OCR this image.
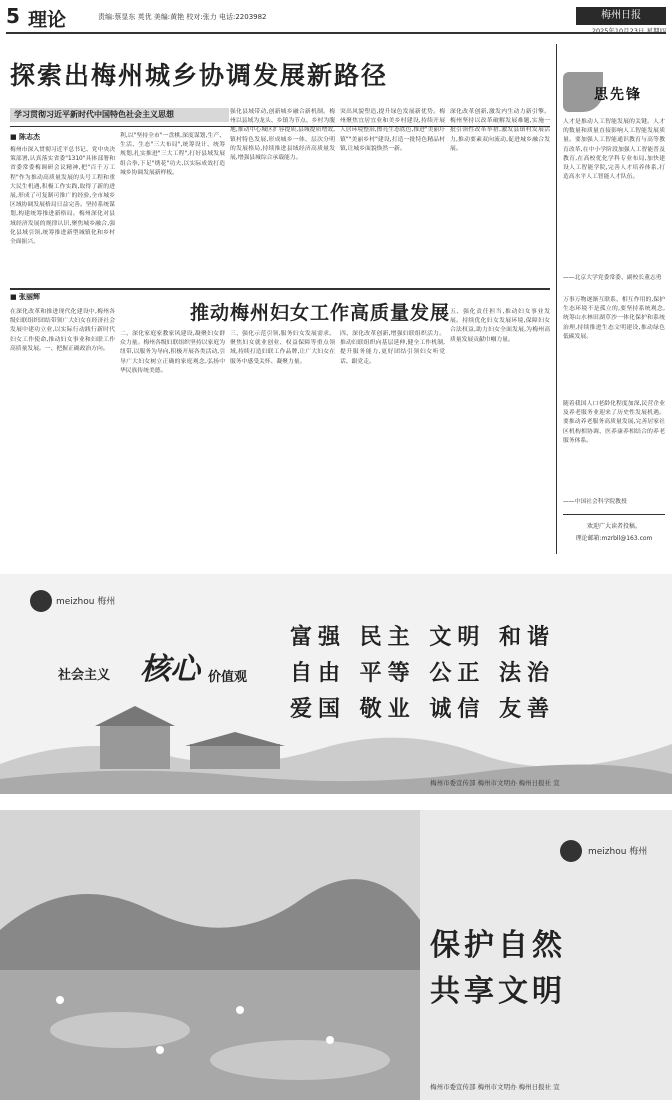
5 理论	责编:蔡显东 英优 美编:黄艳 校对:张力 电话:2203982	梅州日报
2025年10月23日 星期四
探索出梅州城乡协调发展新路径
学习贯彻习近平新时代中国特色社会主义思想
■ 陈志杰
梅州市深入贯彻习近平总书记、党中央决策部署,认真落实省委"1310"具体部署和省委常委梅调研会议精神,把"百千万工程"作为推动高质量发展的头号工程和重大民生机遇,积极工作实践,取得了新的进展,形成了可复制可推广的经验,全市城乡区域协调发展格局日益完善。坚持系统谋划,构建统筹推进新格局。梅州深化对县域经济发展的规律认识,聚焦城乡融合,强化县域引领,统筹推进新型城镇化和乡村全面振兴。
利,以"坚持全市"一盘棋,深度谋划,生产、生活、生态"三大布局",统筹设计、统筹规划,扎实推进"三大工程",打好县域发展组合拳,下足"绣花"功夫,以实际成效打造城乡协调发展新样板。
强化县域带动,创新城乡融合新机制。梅州以县域为龙头、乡镇为节点、乡村为腹地,推动中心城区扩容提质,县城提质增效,镇村特色发展,形成城乡一体、层次分明的发展格局,持续推进县域经济高质量发展,增强县城综合承载能力。
突出风貌塑造,提升绿色发展新优势。梅州聚焦宜居宜业和美乡村建设,持续开展人居环境整治,擦亮生态底色,推进"美丽圩镇""美丽乡村"建设,打造一批特色精品村镇,让城乡面貌焕然一新。
深化改革创新,激发内生动力新引擎。梅州坚持以改革破解发展难题,实施一批引领性改革举措,激发县镇村发展活力,推动要素双向流动,促进城乡融合发展。
思先锋
人才是推动人工智能发展的关键。人才的数量和质量直接影响人工智能发展质量。要加强人工智能通识教育与高等教育改革,在中小学阶段加强人工智能普及教育,在高校优化学科专业布局,加快建设人工智能学院,完善人才培养体系,打造高水平人工智能人才队伍。
——北京大学党委常委、副校长董志勇
万事万物逐渐互联系、相互作用的,保护生态环境不是孤立的,要坚持系统观念,统筹山水林田湖草沙一体化保护和系统治理,持续推进生态文明建设,推动绿色低碳发展。
随着我国人口老龄化程度加深,民营企业及养老服务业迎来了历史性发展机遇。要推动养老服务高质量发展,完善居家社区机构相协调、医养康养相结合的养老服务体系。
——中国社会科学院教授
欢迎广大读者投稿。
理论邮箱:mzrbll@163.com
■ 张丽辉
推动梅州妇女工作高质量发展
在深化改革和推进现代化建设中,梅州各级妇联组织团结带领广大妇女在经济社会发展中建功立业,以实际行动践行新时代妇女工作使命,推动妇女事业和妇联工作高质量发展。一、把握正确政治方向。
二、深化家庭家教家风建设,凝聚妇女群众力量。梅州各级妇联组织坚持以家庭为纽带,以服务为导向,积极开展各类活动,引导广大妇女树立正确的家庭观念,弘扬中华民族传统美德。
三、强化示范引领,服务妇女发展需求。聚焦妇女就业创业、权益保障等重点领域,持续打造妇联工作品牌,让广大妇女在服务中感受关怀、凝聚力量。
四、深化改革创新,增强妇联组织活力。推动妇联组织向基层延伸,健全工作机制,提升服务能力,更好团结引领妇女听党话、跟党走。
五、强化责任担当,推动妇女事业发展。持续优化妇女发展环境,保障妇女合法权益,助力妇女全面发展,为梅州高质量发展贡献巾帼力量。
meizhou 梅州
社会主义 核心 价值观
富强 民主 文明 和谐
自由 平等 公正 法治
爱国 敬业 诚信 友善
梅州市委宣传部 梅州市文明办 梅州日报社 宣
meizhou 梅州
保护自然
共享文明
梅州市委宣传部 梅州市文明办 梅州日报社 宣
